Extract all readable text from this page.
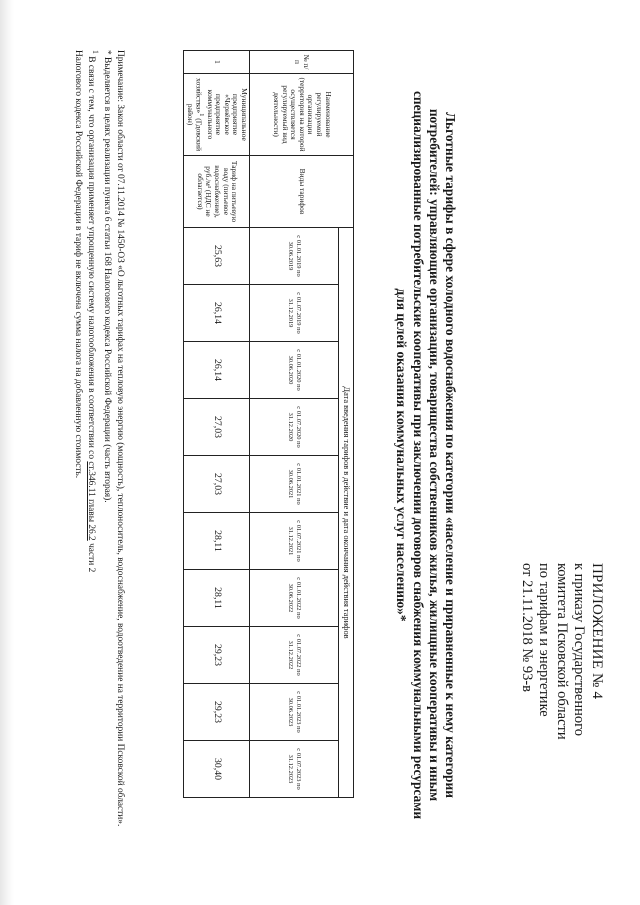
ПРИЛОЖЕНИЕ № 4
к приказу Государственного
комитета Псковской области
по тарифам и энергетике
от 21.11.2018 № 93-в
Льготные тарифы в сфере холодного водоснабжения по категории «население и приравненные к нему категории
потребителей: управляющие организации, товарищества собственников жилья, жилищные кооперативы и иным
специализированные потребительские кооперативы при заключении договоров снабжения коммунальными ресурсами
для целей оказания коммунальных услуг населению»*
№ п/п	Наименование регулируемой организации (территория на которой осуществляется регулируемый вид деятельности)	Виды тарифов	Дата введения тарифов в действие и дата окончания действия тарифов									
			с 01.01.2019 по 30.06.2019	с 01.07.2019 по 31.12.2019	с 01.01.2020 по 30.06.2020	с 01.07.2020 по 31.12.2020	с 01.01.2021 по 30.06.2021	с 01.07.2021 по 31.12.2021	с 01.01.2022 по 30.06.2022	с 01.07.2022 по 31.12.2022	с 01.01.2023 по 30.06.2023	с 01.07.2023 по 31.12.2023
1	Муниципальное предприятие «Чернёвское предприятие коммунального хозяйства»$^1$ (Гдовский район)	Тариф на питьевую воду (питьевое водоснабжение), руб./м³ (НДС не облагается)	25,63	26,14	26,14	27,03	27,03	28,11	28,11	29,23	29,23	30,40

Примечание: Закон области от 07.11.2014 № 1450-ОЗ «О льготных тарифах на тепловую энергию (мощность), теплоноситель, водоснабжение, водоотведение на территории Псковской области».

* Выделяется в целях реализации пункта 6 статьи 168 Налогового кодекса Российской Федерации (часть вторая).

$^1$ В связи с тем, что организация применяет упрощенную систему налогообложения в соответствии со ст.346.11 главы 26.2 части 2

Налогового кодекса Российской Федерации в тариф не включена сумма налога на добавленную стоимость.
